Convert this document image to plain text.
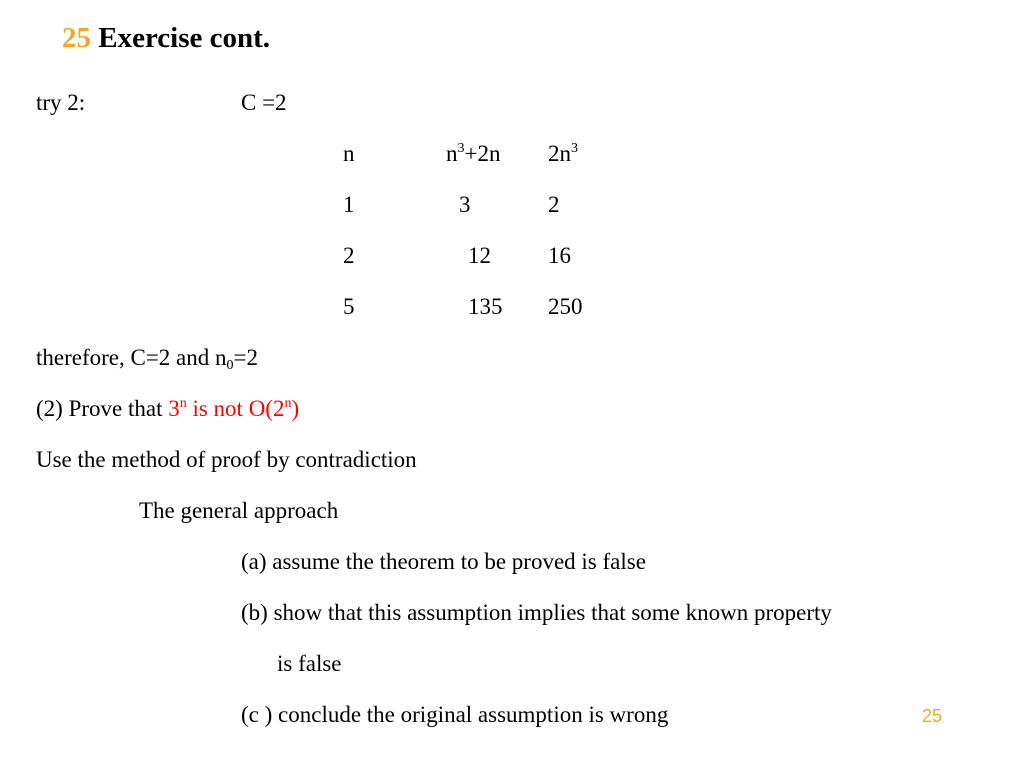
25 Exercise cont.
try 2:	C =2
n	$n^3+2n$ $2n^3$
1	3	2
2	12 16
5	135 250
therefore, C=2 and $n_0=2$
(2) Prove that 3$^n$ is not O(2$^n$)
Use the method of proof by contradiction
The general approach
(a) assume the theorem to be proved is false
(b) show that this assumption implies that some known property
is false
(c ) conclude the original assumption is wrong	25
